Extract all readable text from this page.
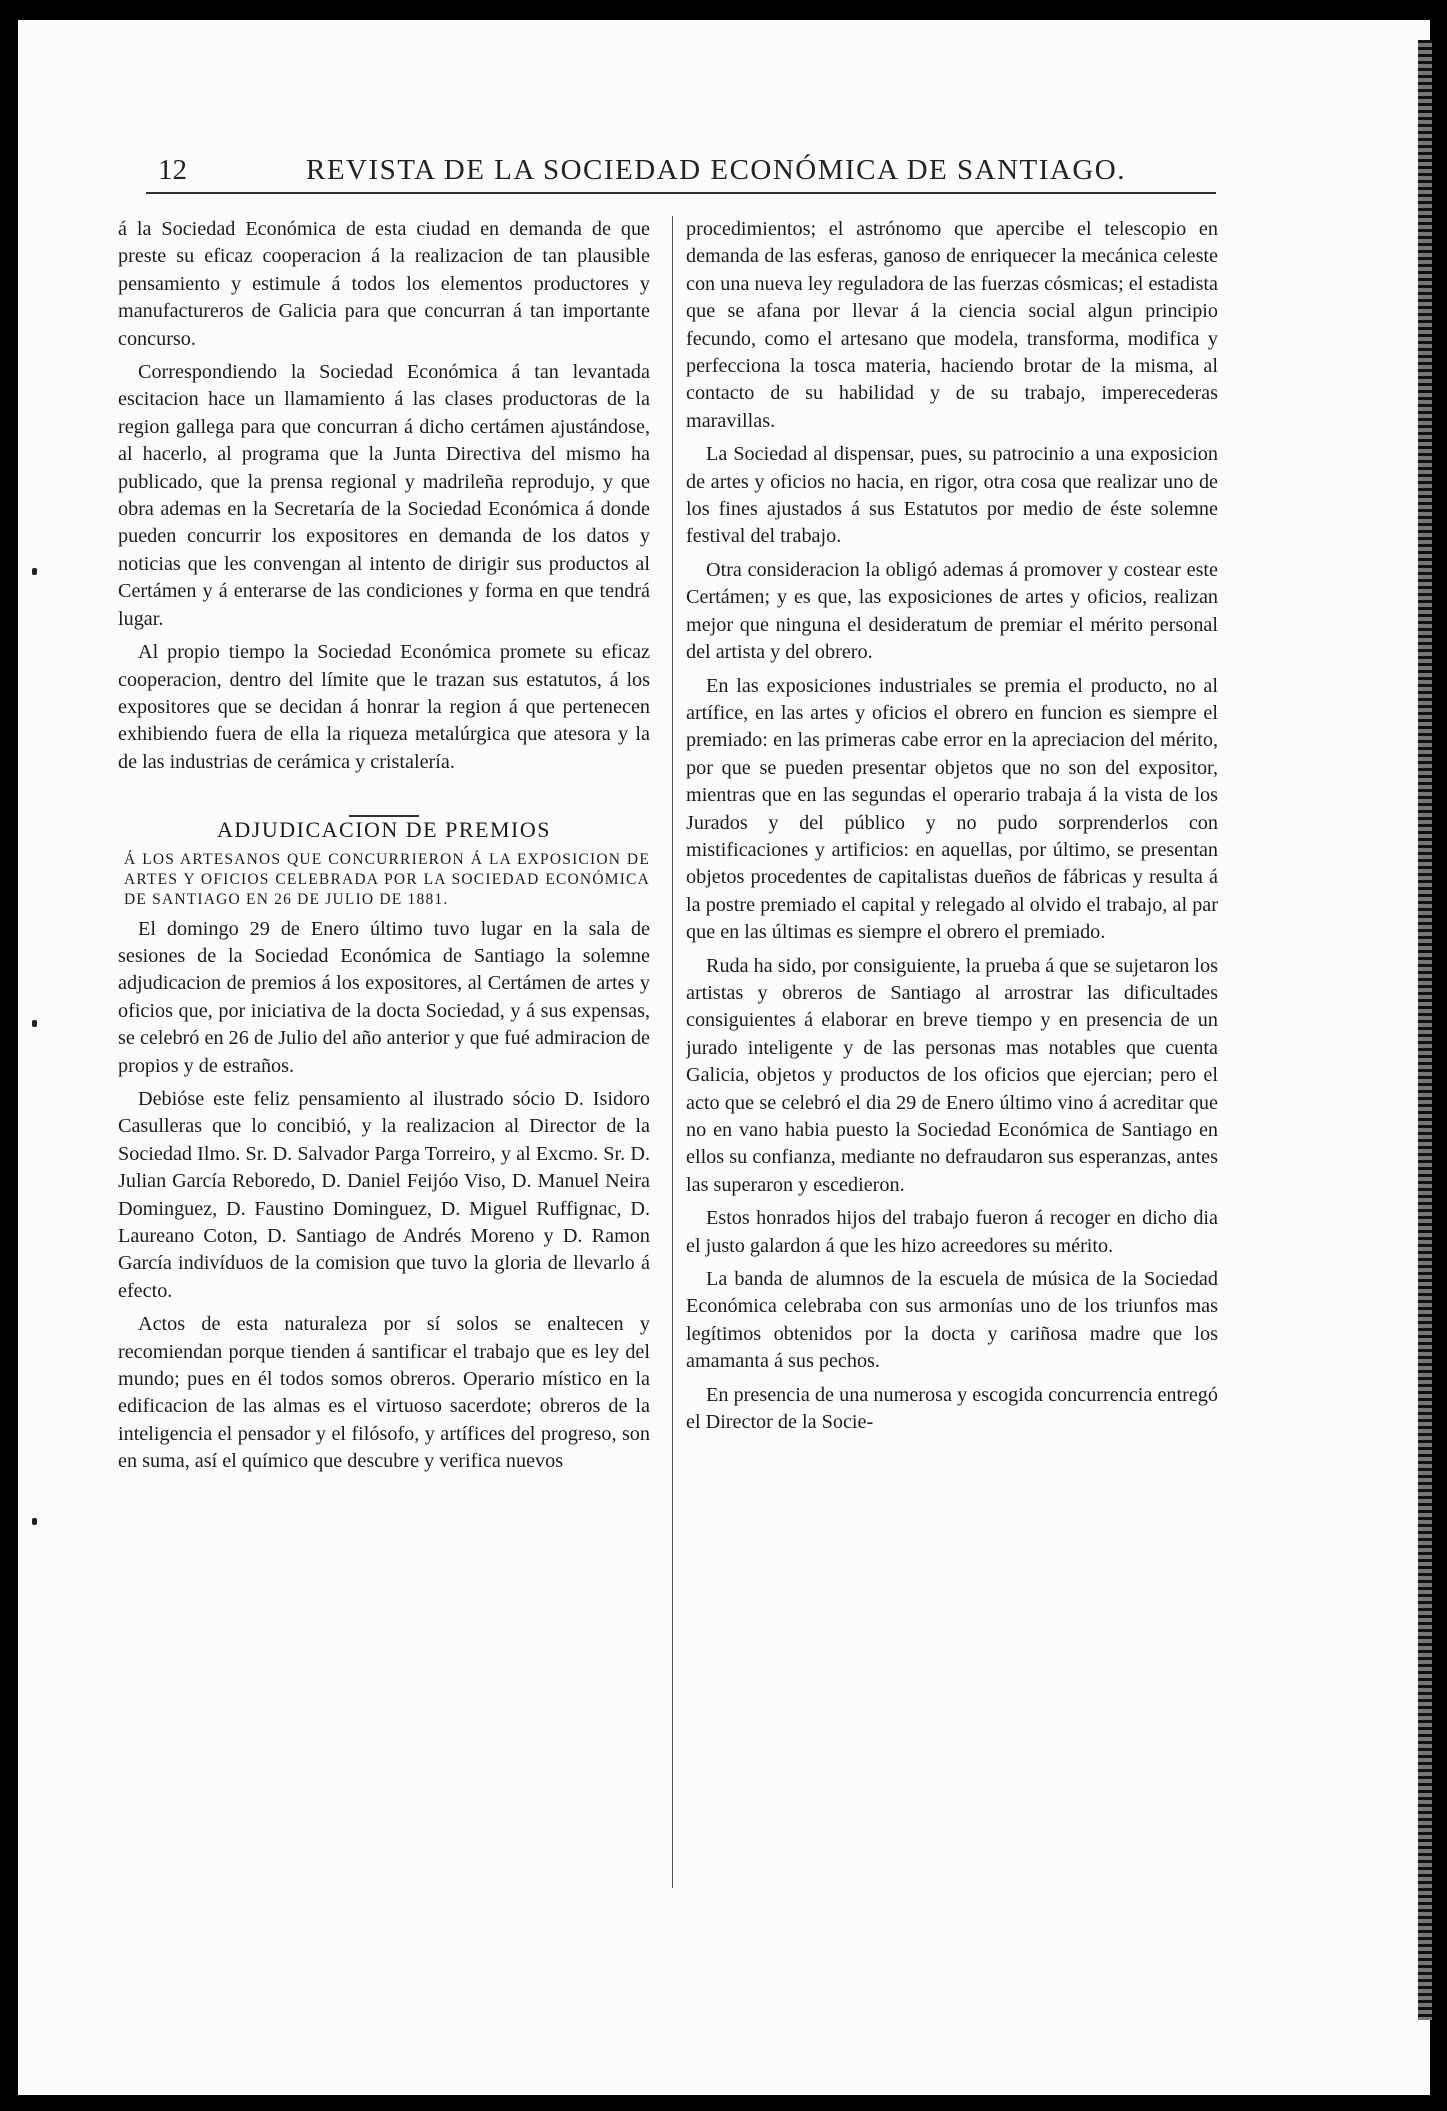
12	REVISTA DE LA SOCIEDAD ECONÓMICA DE SANTIAGO.

á la Sociedad Económica de esta ciudad en demanda de que preste su eficaz cooperacion á la realizacion de tan plausible pensamiento y estimule á todos los elementos productores y manufactureros de Galicia para que concurran á tan importante concurso.

Correspondiendo la Sociedad Económica á tan levantada escitacion hace un llamamiento á las clases productoras de la region gallega para que concurran á dicho certámen ajustándose, al hacerlo, al programa que la Junta Directiva del mismo ha publicado, que la prensa regional y madrileña reprodujo, y que obra ademas en la Secretaría de la Sociedad Económica á donde pueden concurrir los expositores en demanda de los datos y noticias que les convengan al intento de dirigir sus productos al Certámen y á enterarse de las condiciones y forma en que tendrá lugar.

Al propio tiempo la Sociedad Económica promete su eficaz cooperacion, dentro del límite que le trazan sus estatutos, á los expositores que se decidan á honrar la region á que pertenecen exhibiendo fuera de ella la riqueza metalúrgica que atesora y la de las industrias de cerámica y cristalería.

ADJUDICACION DE PREMIOS

Á LOS ARTESANOS QUE CONCURRIERON Á LA EXPOSICION DE ARTES Y OFICIOS CELEBRADA POR LA SOCIEDAD ECONÓMICA DE SANTIAGO EN 26 DE JULIO DE 1881.

El domingo 29 de Enero último tuvo lugar en la sala de sesiones de la Sociedad Económica de Santiago la solemne adjudicacion de premios á los expositores, al Certámen de artes y oficios que, por iniciativa de la docta Sociedad, y á sus expensas, se celebró en 26 de Julio del año anterior y que fué admiracion de propios y de estraños.

Debióse este feliz pensamiento al ilustrado sócio D. Isidoro Casulleras que lo concibió, y la realizacion al Director de la Sociedad Ilmo. Sr. D. Salvador Parga Torreiro, y al Excmo. Sr. D. Julian García Reboredo, D. Daniel Feijóo Viso, D. Manuel Neira Dominguez, D. Faustino Dominguez, D. Miguel Ruffignac, D. Laureano Coton, D. Santiago de Andrés Moreno y D. Ramon García indivíduos de la comision que tuvo la gloria de llevarlo á efecto.

Actos de esta naturaleza por sí solos se enaltecen y recomiendan porque tienden á santificar el trabajo que es ley del mundo; pues en él todos somos obreros. Operario místico en la edificacion de las almas es el virtuoso sacerdote; obreros de la inteligencia el pensador y el filósofo, y artífices del progreso, son en suma, así el químico que descubre y verifica nuevos

procedimientos; el astrónomo que apercibe el telescopio en demanda de las esferas, ganoso de enriquecer la mecánica celeste con una nueva ley reguladora de las fuerzas cósmicas; el estadista que se afana por llevar á la ciencia social algun principio fecundo, como el artesano que modela, transforma, modifica y perfecciona la tosca materia, haciendo brotar de la misma, al contacto de su habilidad y de su trabajo, imperecederas maravillas.

La Sociedad al dispensar, pues, su patrocinio a una exposicion de artes y oficios no hacia, en rigor, otra cosa que realizar uno de los fines ajustados á sus Estatutos por medio de éste solemne festival del trabajo.

Otra consideracion la obligó ademas á promover y costear este Certámen; y es que, las exposiciones de artes y oficios, realizan mejor que ninguna el desideratum de premiar el mérito personal del artista y del obrero.

En las exposiciones industriales se premia el producto, no al artífice, en las artes y oficios el obrero en funcion es siempre el premiado: en las primeras cabe error en la apreciacion del mérito, por que se pueden presentar objetos que no son del expositor, mientras que en las segundas el operario trabaja á la vista de los Jurados y del público y no pudo sorprenderlos con mistificaciones y artificios: en aquellas, por último, se presentan objetos procedentes de capitalistas dueños de fábricas y resulta á la postre premiado el capital y relegado al olvido el trabajo, al par que en las últimas es siempre el obrero el premiado.

Ruda ha sido, por consiguiente, la prueba á que se sujetaron los artistas y obreros de Santiago al arrostrar las dificultades consiguientes á elaborar en breve tiempo y en presencia de un jurado inteligente y de las personas mas notables que cuenta Galicia, objetos y productos de los oficios que ejercian; pero el acto que se celebró el dia 29 de Enero último vino á acreditar que no en vano habia puesto la Sociedad Económica de Santiago en ellos su confianza, mediante no defraudaron sus esperanzas, antes las superaron y escedieron.

Estos honrados hijos del trabajo fueron á recoger en dicho dia el justo galardon á que les hizo acreedores su mérito.

La banda de alumnos de la escuela de música de la Sociedad Económica celebraba con sus armonías uno de los triunfos mas legítimos obtenidos por la docta y cariñosa madre que los amamanta á sus pechos.

En presencia de una numerosa y escogida concurrencia entregó el Director de la Socie-
